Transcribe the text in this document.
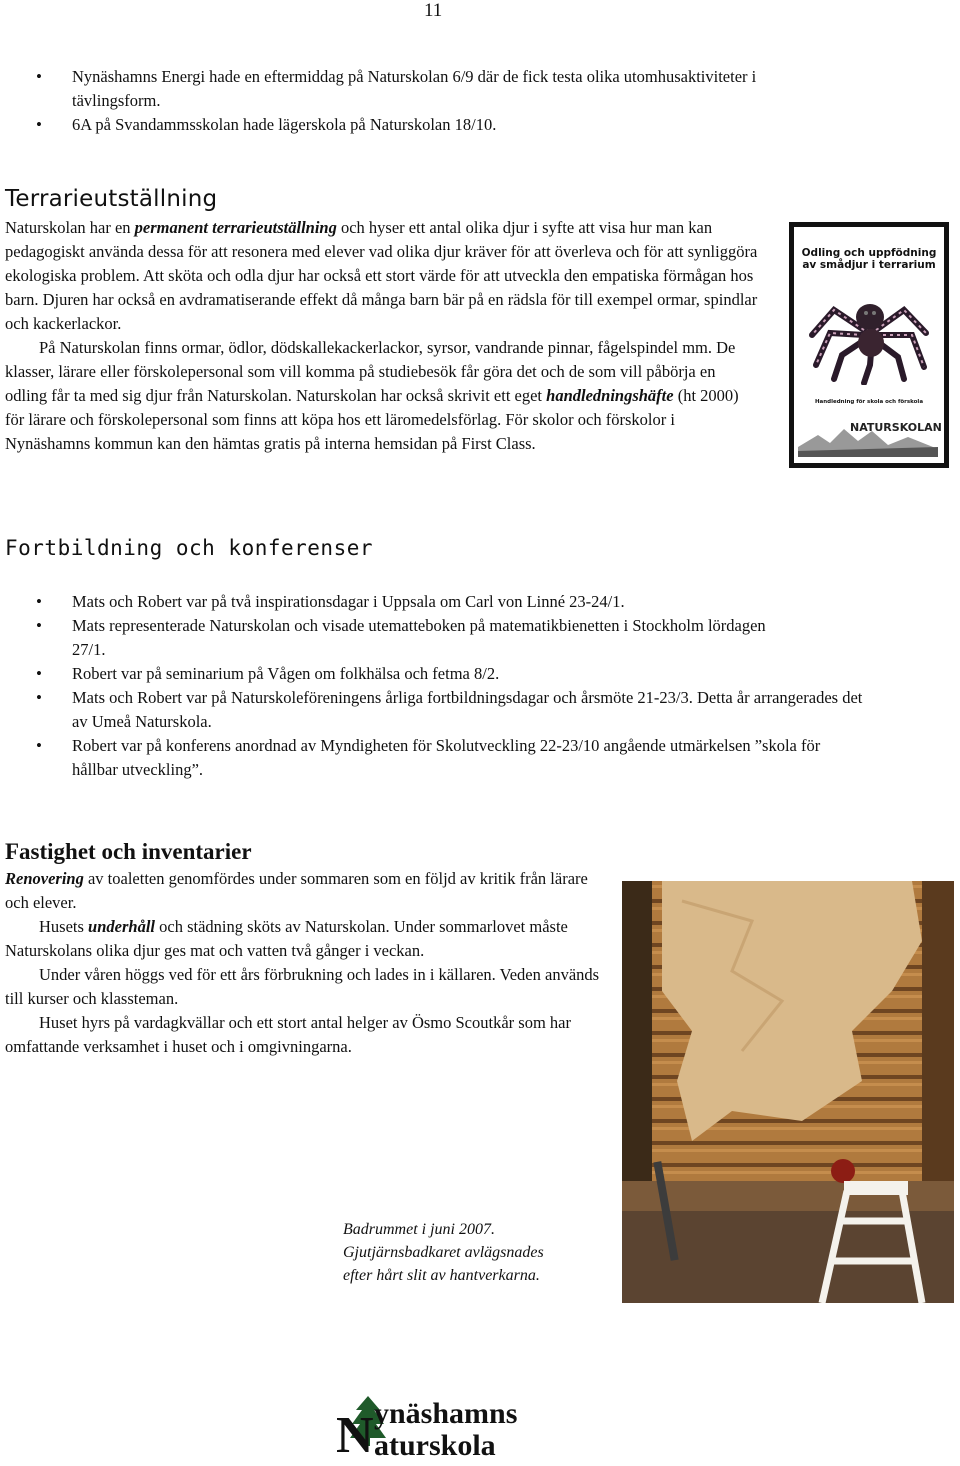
11
• Nynäshamns Energi hade en eftermiddag på Naturskolan 6/9 där de fick testa olika utomhusaktiviteter i tävlingsform.
• 6A på Svandammsskolan hade lägerskola på Naturskolan 18/10.
Terrarieutställning

Naturskolan har en permanent terrarieutställning och hyser ett antal olika djur i syfte att visa hur man kan pedagogiskt använda dessa för att resonera med elever vad olika djur kräver för att överleva och för att synliggöra ekologiska problem. Att sköta och odla djur har också ett stort värde för att utveckla den empatiska förmågan hos barn. Djuren har också en avdramatiserande effekt då många barn bär på en rädsla för till exempel ormar, spindlar och kackerlackor.

På Naturskolan finns ormar, ödlor, dödskallekackerlackor, syrsor, vandrande pinnar, fågelspindel mm. De klasser, lärare eller förskolepersonal som vill komma på studiebesök får göra det och de som vill påbörja en odling får ta med sig djur från Naturskolan. Naturskolan har också skrivit ett eget handledningshäfte (ht 2000) för lärare och förskolepersonal som finns att köpa hos ett läromedelsförlag. För skolor och förskolor i Nynäshamns kommun kan den hämtas gratis på interna hemsidan på First Class.

Odling och uppfödning av smådjur i terrarium
Handledning för skola och förskola
NATURSKOLAN
Fortbildning och konferenser
• Mats och Robert var på två inspirationsdagar i Uppsala om Carl von Linné 23-24/1.
• Mats representerade Naturskolan och visade utematteboken på matematikbienetten i Stockholm lördagen 27/1.
• Robert var på seminarium på Vågen om folkhälsa och fetma 8/2.
• Mats och Robert var på Naturskoleföreningens årliga fortbildningsdagar och årsmöte 21-23/3. Detta år arrangerades det av Umeå Naturskola.
• Robert var på konferens anordnad av Myndigheten för Skolutveckling 22-23/10 angående utmärkelsen ”skola för hållbar utveckling”.
Fastighet och inventarier

Renovering av toaletten genomfördes under sommaren som en följd av kritik från lärare och elever.

Husets underhåll och städning sköts av Naturskolan. Under sommarlovet måste Naturskolans olika djur ges mat och vatten två gånger i veckan.

Under våren höggs ved för ett års förbrukning och lades in i källaren. Veden används till kurser och klassteman.

Huset hyrs på vardagkvällar och ett stort antal helger av Ösmo Scoutkår som har omfattande verksamhet i huset och i omgivningarna.

Badrummet i juni 2007.
Gjutjärnsbadkaret avlägsnades
efter hårt slit av hantverkarna.
N ynäshamns
aturskola
